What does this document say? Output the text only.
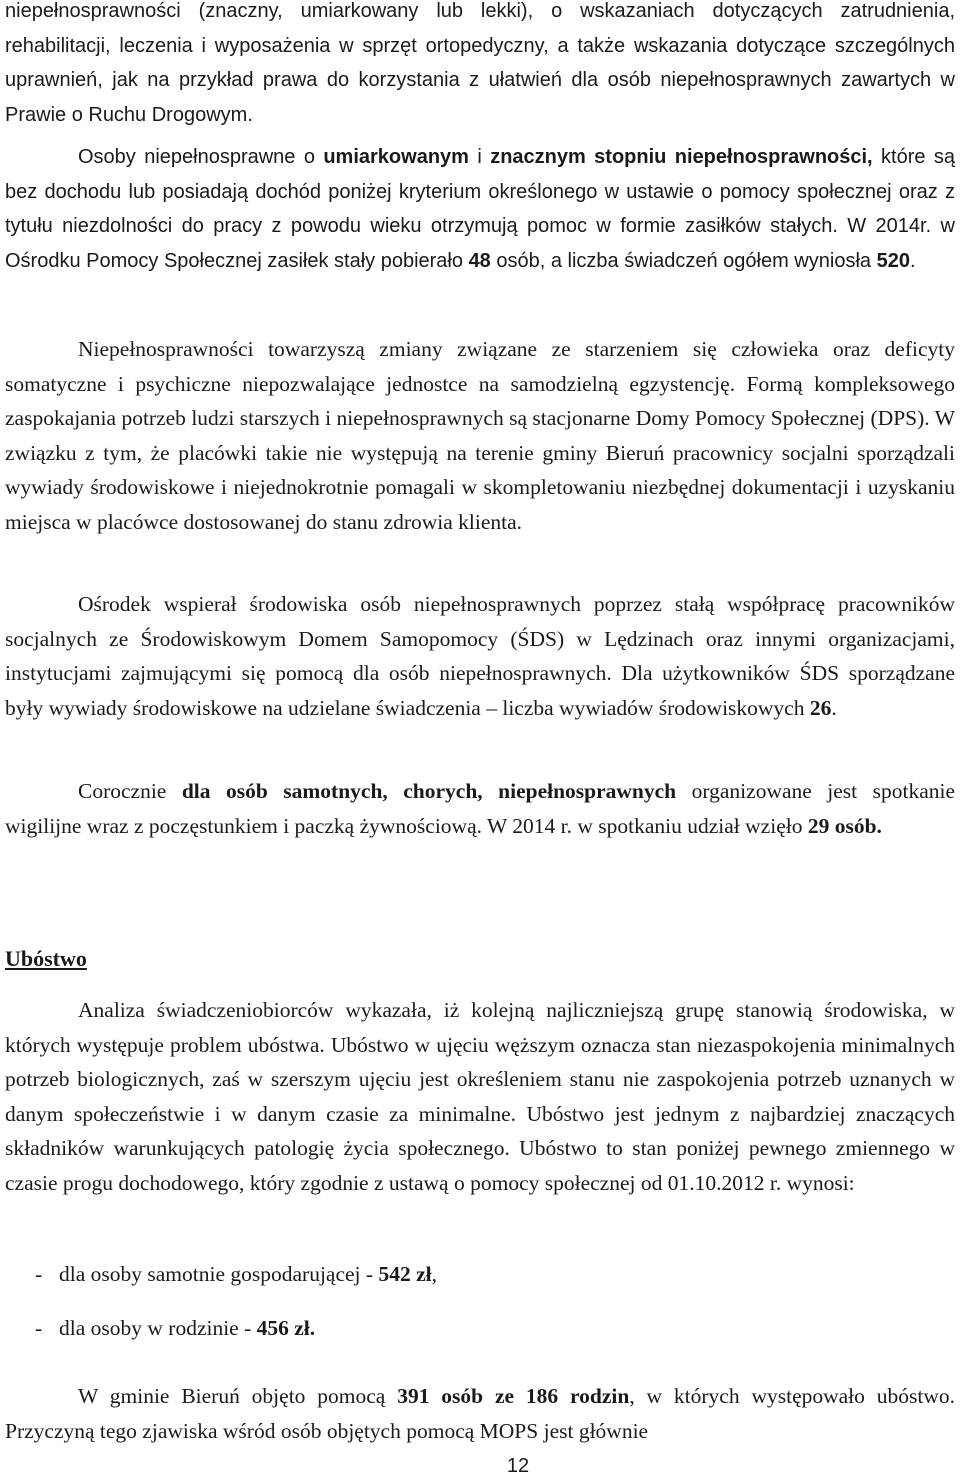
niepełnosprawności (znaczny, umiarkowany lub lekki), o wskazaniach dotyczących zatrudnienia, rehabilitacji, leczenia i wyposażenia w sprzęt ortopedyczny, a także wskazania dotyczące szczególnych uprawnień, jak na przykład prawa do korzystania z ułatwień dla osób niepełnosprawnych zawartych w Prawie o Ruchu Drogowym.

Osoby niepełnosprawne o umiarkowanym i znacznym stopniu niepełnosprawności, które są bez dochodu lub posiadają dochód poniżej kryterium określonego w ustawie o pomocy społecznej oraz z tytułu niezdolności do pracy z powodu wieku otrzymują pomoc w formie zasiłków stałych. W 2014r. w Ośrodku Pomocy Społecznej zasiłek stały pobierało 48 osób, a liczba świadczeń ogółem wyniosła 520.

Niepełnosprawności towarzyszą zmiany związane ze starzeniem się człowieka oraz deficyty somatyczne i psychiczne niepozwalające jednostce na samodzielną egzystencję. Formą kompleksowego zaspokajania potrzeb ludzi starszych i niepełnosprawnych są stacjonarne Domy Pomocy Społecznej (DPS). W związku z tym, że placówki takie nie występują na terenie gminy Bieruń pracownicy socjalni sporządzali wywiady środowiskowe i niejednokrotnie pomagali w skompletowaniu niezbędnej dokumentacji i uzyskaniu miejsca w placówce dostosowanej do stanu zdrowia klienta.

Ośrodek wspierał środowiska osób niepełnosprawnych poprzez stałą współpracę pracowników socjalnych ze Środowiskowym Domem Samopomocy (ŚDS) w Lędzinach oraz innymi organizacjami, instytucjami zajmującymi się pomocą dla osób niepełnosprawnych. Dla użytkowników ŚDS sporządzane były wywiady środowiskowe na udzielane świadczenia – liczba wywiadów środowiskowych 26.

Corocznie dla osób samotnych, chorych, niepełnosprawnych organizowane jest spotkanie wigilijne wraz z poczęstunkiem i paczką żywnościową. W 2014 r. w spotkaniu udział wzięło 29 osób.

Ubóstwo

Analiza świadczeniobiorców wykazała, iż kolejną najliczniejszą grupę stanowią środowiska, w których występuje problem ubóstwa. Ubóstwo w ujęciu węższym oznacza stan niezaspokojenia minimalnych potrzeb biologicznych, zaś w szerszym ujęciu jest określeniem stanu nie zaspokojenia potrzeb uznanych w danym społeczeństwie i w danym czasie za minimalne. Ubóstwo jest jednym z najbardziej znaczących składników warunkujących patologię życia społecznego. Ubóstwo to stan poniżej pewnego zmiennego w czasie progu dochodowego, który zgodnie z ustawą o pomocy społecznej od 01.10.2012 r. wynosi:

- dla osoby samotnie gospodarującej - 542 zł,
- dla osoby w rodzinie - 456 zł.

W gminie Bieruń objęto pomocą 391 osób ze 186 rodzin, w których występowało ubóstwo. Przyczyną tego zjawiska wśród osób objętych pomocą MOPS jest głównie

12
